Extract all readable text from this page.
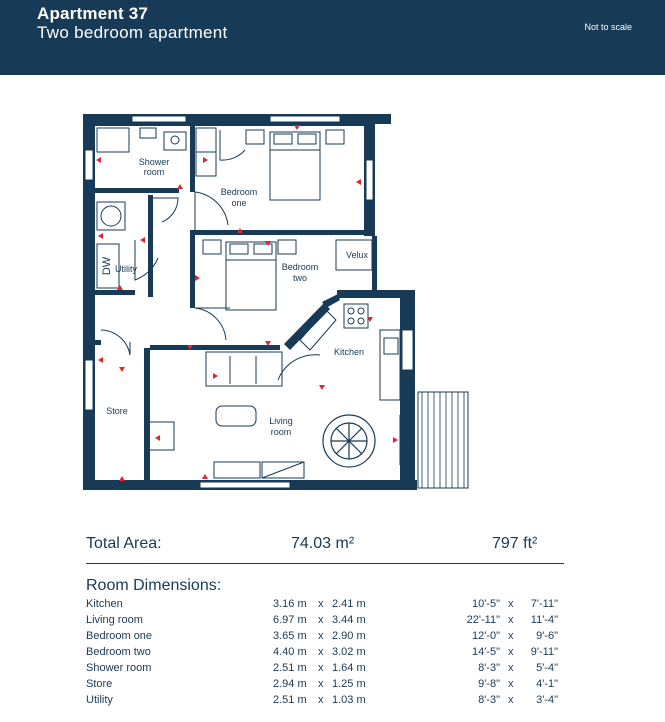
Apartment 37
Two bedroom apartment	Not to scale
Shower
room
Bedroom
one
Bedroom
two
Utility
Velux
Kitchen
Store
Living
room
DW
Total Area:	74.03 m²	797 ft²
Room Dimensions:
Kitchen	3.16 m x 2.41 m	10'-5" x	7'-11"
Living room	6.97 m x 3.44 m	22'-11" x	11'-4"
Bedroom one	3.65 m x 2.90 m	12'-0" x	9'-6"
Bedroom two	4.40 m x 3.02 m	14'-5" x	9'-11"
Shower room	2.51 m x 1.64 m	8'-3" x	5'-4"
Store	2.94 m x 1.25 m	9'-8" x	4'-1"
Utility	2.51 m x 1.03 m	8'-3" x	3'-4"
